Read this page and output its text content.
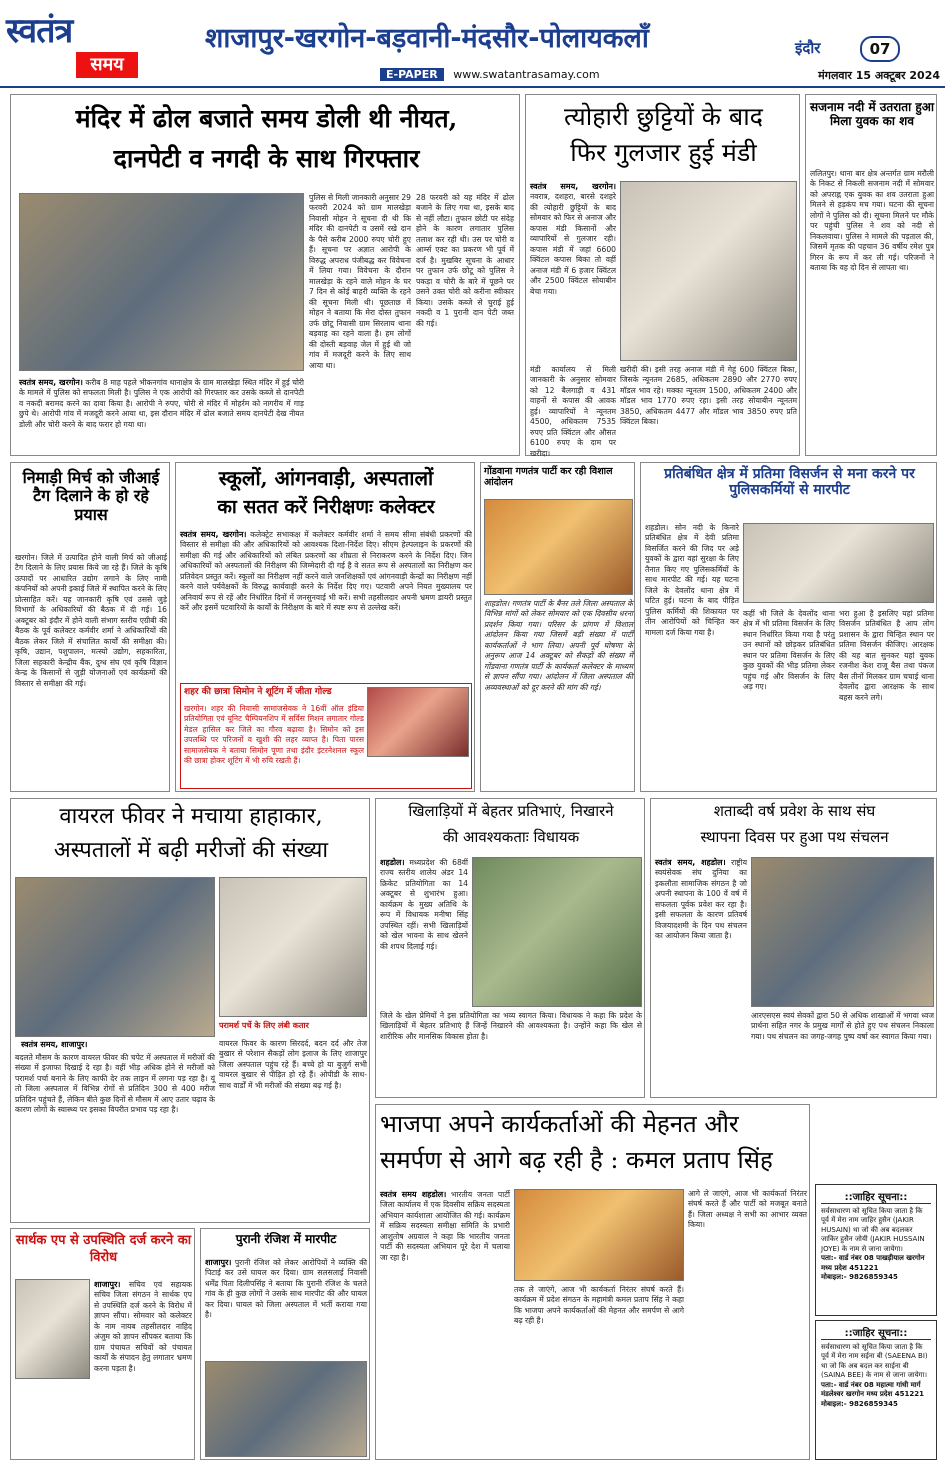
स्वतंत्र
समय
शाजापुर-खरगोन-बड़वानी-मंदसौर-पोलायकलाँ
E-PAPER www.swatantrasamay.com
इंदौर	07
मंगलवार 15 अक्टूबर 2024
मंदिर में ढोल बजाते समय डोली थी नीयत,
दानपेटी व नगदी के साथ गिरफ्तार
स्वतंत्र समय, खरगोन। करीब 8 माह पहले भीकनगांव थानाक्षेत्र के ग्राम मालखेड़ा स्थित मंदिर में हुई चोरी के मामले में पुलिस को सफलता मिली है। पुलिस ने एक आरोपी को गिरफ्तार कर उसके कब्जे से दानपेटी व नकदी बरामद करने का दावा किया है। आरोपी ने रुपए, चोरी से मंदिर में मोहर्रम को नागरीय में गाड़ छुपे थे। आरोपी गांव में मजदूरी करने आया था, इस दौरान मंदिर में ढोल बजाते समय दानपेटी देख नीयत डोली और चोरी करने के बाद फरार हो गया था।
पुलिस से मिली जानकारी अनुसार 29 फरवरी 2024 को ग्राम मालखेड़ा निवासी मोहन ने सूचना दी थी कि मंदिर की दानपेटी व उसमें रखे दान के पैसे करीब 2000 रुपए चोरी हुए हैं। सूचना पर अज्ञात आरोपी के विरुद्ध अपराध पंजीबद्ध कर विवेचना में लिया गया। विवेचना के दौरान मालखेड़ा के रहने वाले मोहन के घर 7 दिन से कोई बाहरी व्यक्ति के रहने की सूचना मिली थी। पूछताछ में मोहन ने बताया कि मेरा दोस्त तुफान उर्फ छोटू निवासी ग्राम सिरलाय थाना बड़वाह का रहने वाला है। हम लोगों की दोस्ती बड़वाह जेल में हुई थी जो गांव में मजदूरी करने के लिए साथ आया था।
28 फरवरी को यह मंदिर में ढोल बजाने के लिए गया था, इसके बाद से नहीं लौटा। तुफान छोटी पर संदेह होने के कारण लगातार पुलिस तलाश कर रही थी। उस पर चोरी व आर्म्स एक्ट का प्रकरण भी पूर्व में दर्ज है। मुखबिर सूचना के आधार पर तुफान उर्फ छोटू को पुलिस ने पकड़ा व चोरी के बारे में पूछने पर उसने उक्त चोरी को करीना स्वीकार किया। उसके कब्जे से चुराई हुई नकदी व 1 पुरानी दान पेटी जब्त की गई।
त्योहारी छुट्टियों के बाद
फिर गुलजार हुई मंडी
स्वतंत्र समय, खरगोन। नवरात्र, दशहरा, बारसे दशहरे की त्योहारी छुट्टियों के बाद सोमवार को फिर से अनाज और कपास मंडी किसानों और व्यापारियों से गुलजार रही। कपास मंडी में जहां 6600 क्विंटल कपास बिका तो वहीं अनाज मंडी में 6 हजार क्विंटल और 2500 क्विंटल सोयाबीन बेचा गया।
मंडी कार्यालय से मिली जानकारी के अनुसार सोमवार को 12 बैलगाड़ी व 431 वाहनों से कपास की आवक हुई। व्यापारियों ने न्यूनतम 4500, अधिकतम 7535 रुपए प्रति क्विंटल और औसत 6100 रुपए के दाम पर खरीदा।
खरीदी की। इसी तरह अनाज मंडी में गेहूं 600 क्विंटल बिका, जिसके न्यूनतम 2685, अधिकतम 2890 और 2770 रुपए मॉडल भाव रहे। मक्का न्यूनतम 1500, अधिकतम 2400 और मॉडल भाव 1770 रुपए रहा। इसी तरह सोयाबीन न्यूनतम 3850, अधिकतम 4477 और मॉडल भाव 3850 रुपए प्रति क्विंटल बिका।
सजनाम नदी में उतराता हुआ मिला युवक का शव
ललितपुर। थाना बार क्षेत्र अन्तर्गत ग्राम मरौली के निकट से निकली सजनाम नदी में सोमवार को अपराह्न एक युवक का शव उतराता हुआ मिलने से हड़कंप मच गया। घटना की सूचना लोगों ने पुलिस को दी। सूचना मिलने पर मौके पर पहुंची पुलिस ने शव को नदी से निकलवाया। पुलिस ने मामले की पड़ताल की, जिसमें मृतक की पहचान 36 वर्षीय रमेश पुत्र गिरन के रूप में कर ली गई। परिजनों ने बताया कि वह दो दिन से लापता था।
निमाड़ी मिर्च को जीआई टैग दिलाने के हो रहे प्रयास
खरगोन। जिले में उत्पादित होने वाली मिर्च को जीआई टैग दिलाने के लिए प्रयास किये जा रहे हैं। जिले के कृषि उत्पादों पर आधारित उद्योग लगाने के लिए नामी कंपनियों को अपनी इकाई जिले में स्थापित करने के लिए प्रोत्साहित करें। यह जानकारी कृषि एवं उससे जुड़े विभागों के अधिकारियों की बैठक में दी गई। 16 अक्टूबर को इंदौर में होने वाली संभाग स्तरीय एग्रीबी की बैठक के पूर्व कलेक्टर कर्मवीर शर्मा ने अधिकारियों की बैठक लेकर जिले में संचालित कार्यों की समीक्षा की। कृषि, उद्यान, पशुपालन, मत्स्यो उद्योग, सहकारिता, जिला सहकारी केन्द्रीय बैंक, दुग्ध संघ एवं कृषि विज्ञान केन्द्र के किसानों से जुड़ी योजनाओं एवं कार्यक्रमों की विस्तार से समीक्षा की गई।
स्कूलों, आंगनवाड़ी, अस्पतालों
का सतत करें निरीक्षणः कलेक्टर
स्वतंत्र समय, खरगोन। कलेक्ट्रेट सभाकक्ष में कलेक्टर कर्मवीर शर्मा ने समय सीमा संबंधी प्रकरणों की विस्तार से समीक्षा की और अधिकारियों को आवश्यक दिशा-निर्देश दिए। सीएम हेल्पलाइन के प्रकरणों की समीक्षा की गई और अधिकारियों को लंबित प्रकरणों का शीघ्रता से निराकरण करने के निर्देश दिए। जिन अधिकारियों को अस्पतालों की निरीक्षण की जिम्मेदारी दी गई है वे सतत रूप से अस्पतालों का निरीक्षण कर प्रतिवेदन प्रस्तुत करें। स्कूलों का निरीक्षण नहीं करने वाले जनशिक्षकों एवं आंगनवाड़ी केन्द्रों का निरीक्षण नहीं करने वाले पर्यवेक्षकों के विरुद्ध कार्यवाही करने के निर्देश दिए गए। पटवारी अपने नियत मुख्यालय पर अनिवार्य रूप से रहें और निर्धारित दिनों में जनसुनवाई भी करें। सभी तहसीलदार अपनी भ्रमण डायरी प्रस्तुत करें और इसमें पटवारियों के कार्यों के निरीक्षण के बारे में स्पष्ट रूप से उल्लेख करें।
शहर की छात्रा सिमोन ने शूटिंग में जीता गोल्ड
खरगोन। शहर की निवासी सामाजसेवक ने 16वीं ऑल इंडिया प्रतियोगिता एवं यूनिट चैम्पियनशिप में सर्विस मिशन लगातार गोल्ड मेडल हासिल कर जिले का गौरव बढ़ाया है। सिमोन को इस उपलब्धि पर परिजनों व खुशी की लहर व्याप्त है। पिता पारस सामाजसेवक ने बताया सिमोन पूणा तथा इंदौर इंटरनेशनल स्कूल की छात्रा होकर शूटिंग में भी रुचि रखती हैं।
गोंडवाना गणतंत्र पार्टी कर रही विशाल आंदोलन
शाहडोल। गणतंत्र पार्टी के बैनर तले जिला अस्पताल के विभिन्न मांगों को लेकर सोमवार को एक दिवसीय धरना प्रदर्शन किया गया। परिसर के प्रांगण में विशाल आंदोलन किया गया जिसमें बड़ी संख्या में पार्टी कार्यकर्ताओं ने भाग लिया। अपनी पूर्व घोषणा के अनुरूप आज 14 अक्टूबर को सैकड़ों की संख्या में गोंडवाना गणतंत्र पार्टी के कार्यकर्ता कलेक्टर के माध्यम से ज्ञापन सौंपा गया। आंदोलन में जिला अस्पताल की अव्यवस्थाओं को दूर करने की मांग की गई।
प्रतिबंधित क्षेत्र में प्रतिमा विसर्जन से मना करने पर पुलिसकर्मियों से मारपीट
शहडोल। सोन नदी के किनारे प्रतिबंधित क्षेत्र में देवी प्रतिमा विसर्जित करने की जिद पर अड़े युवकों के द्वारा वहां सुरक्षा के लिए तैनात किए गए पुलिसकर्मियों के साथ मारपीट की गई। यह घटना जिले के देवलोंद थाना क्षेत्र में घटित हुई। घटना के बाद पीड़ित पुलिस कर्मियों की शिकायत पर तीन आरोपियों को चिन्हित कर मामला दर्ज किया गया है।
कहीं भी जिले के देवलोंद थाना क्षेत्र में भी प्रतिमा विसर्जन के लिए स्थान निर्धारित किया गया है परंतु उन स्थानों को छोड़कर प्रतिबंधित स्थान पर प्रतिमा विसर्जन के लिए कुछ युवकों की भीड़ प्रतिमा लेकर पहुंच गई और विसर्जन के लिए अड़ गए।
भरा हुआ है इसलिए यहां प्रतिमा विसर्जन प्रतिबंधित है आप लोग प्रशासन के द्वारा चिन्हित स्थान पर प्रतिमा विसर्जन कीजिए। आरक्षक की यह बात सुनकर यहां युवक रजनीश केश राजू बैस तथा पंकज बैस तीनों मिलकर ग्राम चचाई थाना देवलोंद द्वारा आरक्षक के साथ बहस करने लगे।
वायरल फीवर ने मचाया हाहाकार,
अस्पतालों में बढ़ी मरीजों की संख्या
परामर्श पर्चे के लिए लंबी कतार
स्वतंत्र समय, शाजापुर।
बदलते मौसम के कारण वायरल फीवर की चपेट में अस्पताल में मरीजों की संख्या में इजाफा दिखाई दे रहा है। वहीं भीड़ अधिक होने से मरीजों को परामर्श पर्चा बनाने के लिए काफी देर तक लाइन में लगना पड़ रहा है। यूं तो जिला अस्पताल में विभिन्न रोगों से प्रतिदिन 300 से 400 मरीज प्रतिदिन पहुंचते हैं, लेकिन बीते कुछ दिनों से मौसम में आए उतार चढ़ाव के कारण लोगों के स्वास्थ्य पर इसका विपरीत प्रभाव पड़ रहा है।
वायरल फिवर के कारण सिरदर्द, बदन दर्द और तेज बुखार से परेशान सैकड़ों लोग इलाज के लिए शाजापुर जिला अस्पताल पहुंच रहे हैं। बच्चे हो या बुजुर्ग सभी वायरल बुखार से पीड़ित हो रहे हैं। ओपीडी के साथ-साथ वार्डों में भी मरीजों की संख्या बढ़ गई है।
खिलाड़ियों में बेहतर प्रतिभाएं, निखारने
की आवश्यकताः विधायक
शहडोल। मध्यप्रदेश की 68वीं राज्य स्तरीय शालेय अंडर 14 क्रिकेट प्रतियोगिता का 14 अक्टूबर से शुभारंभ हुआ। कार्यक्रम के मुख्य अतिथि के रूप में विधायक मनीषा सिंह उपस्थित रहीं। सभी खिलाड़ियों को खेल भावना के साथ खेलने की शपथ दिलाई गई।
जिले के खेल प्रेमियों ने इस प्रतियोगिता का भव्य स्वागत किया। विधायक ने कहा कि प्रदेश के खिलाड़ियों में बेहतर प्रतिभाएं हैं जिन्हें निखारने की आवश्यकता है। उन्होंने कहा कि खेल से शारीरिक और मानसिक विकास होता है।
शताब्दी वर्ष प्रवेश के साथ संघ
स्थापना दिवस पर हुआ पथ संचलन
स्वतंत्र समय, शहडोल। राष्ट्रीय स्वयंसेवक संघ दुनिया का इकलौता सामाजिक संगठन है जो अपनी स्थापना के 100 वें वर्ष में सफलता पूर्वक प्रवेश कर रहा है। इसी सफलता के कारण प्रतिवर्ष विजयादशमी के दिन पथ संचलन का आयोजन किया जाता है।
आरएसएस स्वयं सेवकों द्वारा 50 से अधिक शाखाओं में भगवा ध्वज प्रार्थना सहित नगर के प्रमुख मार्गों से होते हुए पथ संचलन निकाला गया। पथ संचलन का जगह-जगह पुष्प वर्षा कर स्वागत किया गया।
भाजपा अपने कार्यकर्ताओं की मेहनत और
समर्पण से आगे बढ़ रही है : कमल प्रताप सिंह
स्वतंत्र समय शहडोल। भारतीय जनता पार्टी जिला कार्यालय में एक दिवसीय सक्रिय सदस्यता अभियान कार्यशाला आयोजित की गई। कार्यक्रम में सक्रिय सदस्यता समीक्षा समिति के प्रभारी आशुतोष अग्रवाल ने कहा कि भारतीय जनता पार्टी की सदस्यता अभियान पूरे देश में चलाया जा रहा है।
तक ले जाएंगे, आज भी कार्यकर्ता निरंतर संघर्ष करते हैं। कार्यक्रम में प्रदेश संगठन के महामंत्री कमल प्रताप सिंह ने कहा कि भाजपा अपने कार्यकर्ताओं की मेहनत और समर्पण से आगे बढ़ रही है।
आगे ले जाएंगे, आज भी कार्यकर्ता निरंतर संघर्ष करते हैं और पार्टी को मजबूत बनाते हैं। जिला अध्यक्ष ने सभी का आभार व्यक्त किया।
::जाहिर सूचना::
सर्वसाधारण को सूचित किया जाता है कि पूर्व में मेरा नाम जाहिर हुसैन (JAKIR HUSAIN) था जो की अब बदलकर जाकिर हुसैन जोयी (JAKIR HUSSAIN JOYE) के नाम से जाना जायेगा।
पता:- वार्ड नंबर 08 पाखड़ीयाल खरगोन मध्य प्रदेश 451221
मोबाइल:- 9826859345
::जाहिर सूचना::
सर्वसाधारण को सूचित किया जाता है कि पूर्व में मेरा नाम सईना बी (SAEENA BI) था जो कि अब बदल कर साईना बी (SAINA BEE) के नाम से जाना जायेगा।
पता:- वार्ड नंबर 08 महात्मा गांधी मार्ग मंडलेश्वर खरगोन मध्य प्रदेश 451221
मोबाइल:- 9826859345
सार्थक एप से उपस्थिति दर्ज करने का विरोध
शाजापुर। सचिव एवं सहायक सचिव जिला संगठन ने सार्थक एप से उपस्थिति दर्ज करने के विरोध में ज्ञापन सौंपा। सोमवार को कलेक्टर के नाम नायब तहसीलदार नाहिद अंजुम को ज्ञापन सौंपकर बताया कि ग्राम पंचायत सचिवों को पंचायत कार्यों के संपादन हेतु लगातार भ्रमण करना पड़ता है।
पुरानी रंजिश में मारपीट
शाजापुर। पुरानी रंजिश को लेकर आरोपियों ने व्यक्ति की पिटाई कर उसे घायल कर दिया। ग्राम सलसलाई निवासी धर्मेंद्र पिता दिलीपसिंह ने बताया कि पुरानी रंजिश के चलते गांव के ही कुछ लोगों ने उसके साथ मारपीट की और घायल कर दिया। घायल को जिला अस्पताल में भर्ती कराया गया है।
